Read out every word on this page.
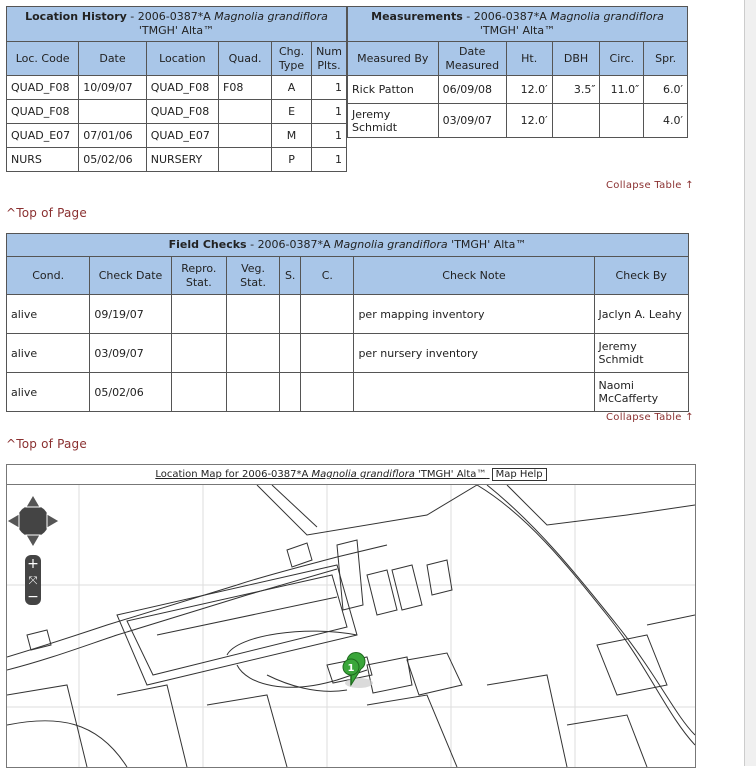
Location History - 2006-0387*A Magnolia grandiflora 'TMGH' Alta™					
Loc. Code	Date	Location	Quad.	Chg. Type	Num Plts.
QUAD_F08	10/09/07	QUAD_F08	F08	A	1
QUAD_F08		QUAD_F08		E	1
QUAD_E07	07/01/06	QUAD_E07		M	1
NURS	05/02/06	NURSERY		P	1
Measurements - 2006-0387*A Magnolia grandiflora
'TMGH' Alta™					
Measured By	Date Measured	Ht.	DBH	Circ.	Spr.
Rick Patton	06/09/08	12.0′	3.5″	11.0″	6.0′
Jeremy Schmidt	03/09/07	12.0′			4.0′
Collapse Table ↑
^Top of Page
Field Checks - 2006-0387*A Magnolia grandiflora 'TMGH' Alta™							
Cond.	Check Date	Repro. Stat.	Veg. Stat.	S.	C.	Check Note	Check By
alive	09/19/07					per mapping inventory	Jaclyn A. Leahy
alive	03/09/07					per nursery inventory	Jeremy Schmidt
alive	05/02/06						Naomi McCafferty
Collapse Table ↑
^Top of Page
Location Map for 2006-0387*A Magnolia grandiflora 'TMGH' Alta™ Map Help
+
⤧
−
1
